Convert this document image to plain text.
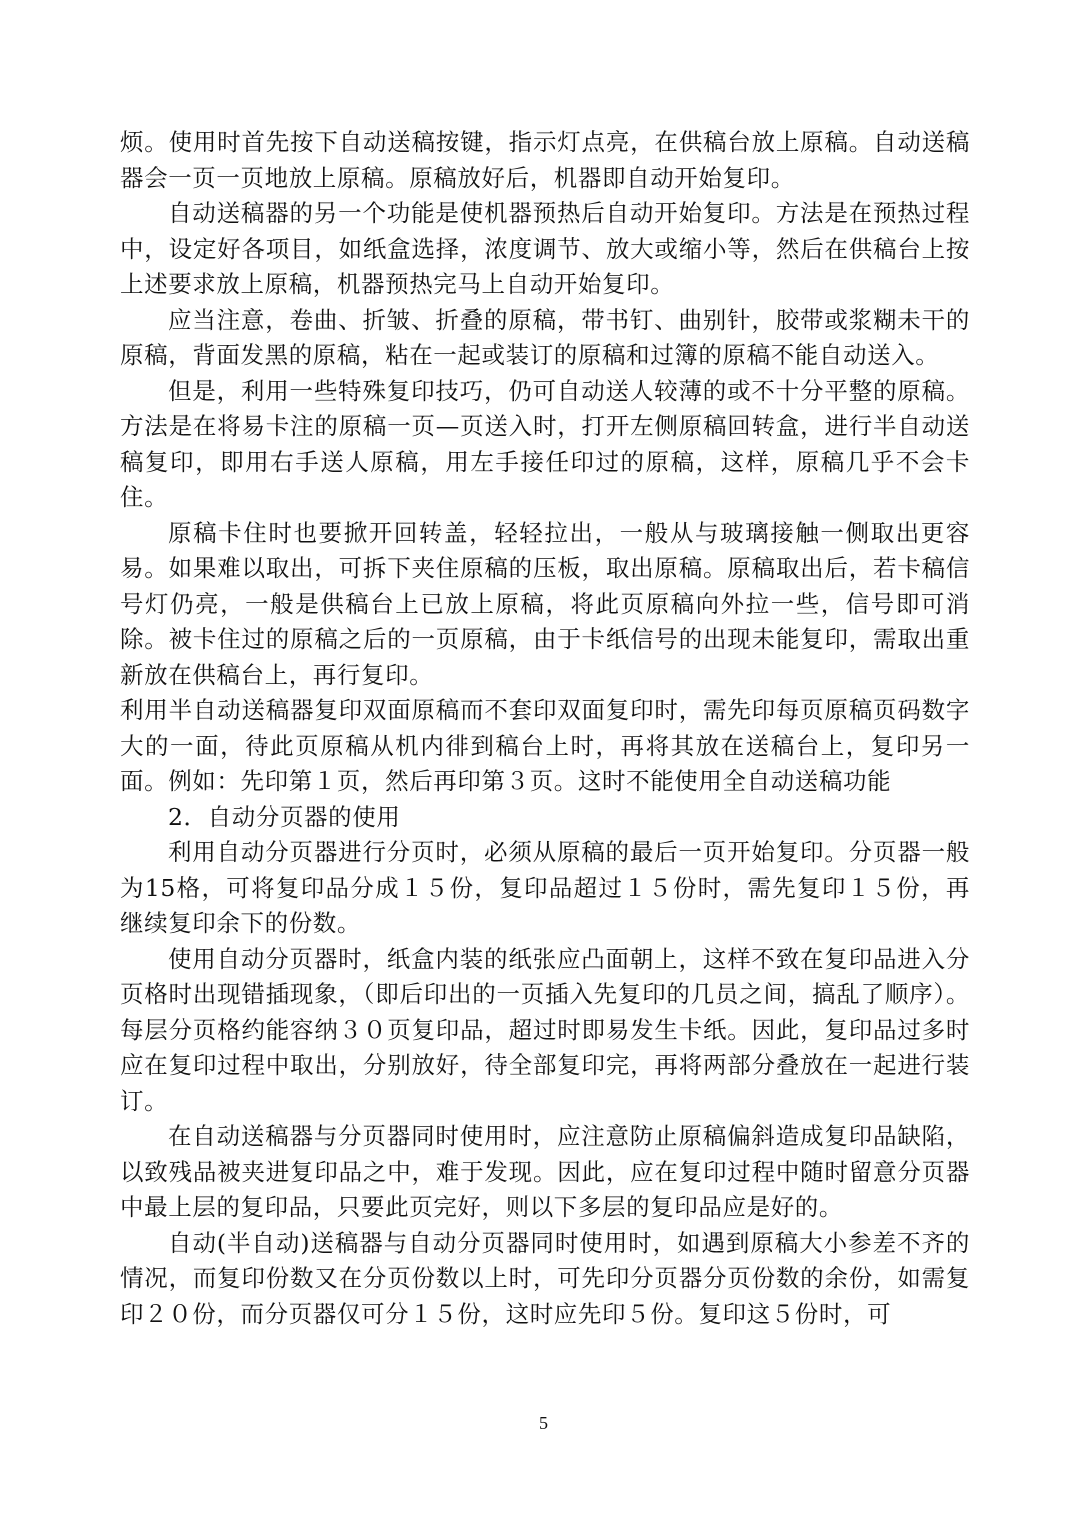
烦。使用时首先按下自动送稿按键，指示灯点亮，在供稿台放上原稿。自动送稿器会一页一页地放上原稿。原稿放好后，机器即自动开始复印。

自动送稿器的另一个功能是使机器预热后自动开始复印。方法是在预热过程中，设定好各项目，如纸盒选择，浓度调节、放大或缩小等，然后在供稿台上按上述要求放上原稿，机器预热完马上自动开始复印。

应当注意，卷曲、折皱、折叠的原稿，带书钉、曲别针，胶带或浆糊未干的原稿，背面发黑的原稿，粘在一起或装订的原稿和过簿的原稿不能自动送入。

但是，利用一些特殊复印技巧，仍可自动送人较薄的或不十分平整的原稿。方法是在将易卡注的原稿一页—页送入时，打开左侧原稿回转盒，进行半自动送稿复印，即用右手送人原稿，用左手接任印过的原稿，这样，原稿几乎不会卡住。

原稿卡住时也要掀开回转盖，轻轻拉出，一般从与玻璃接触一侧取出更容易。如果难以取出，可拆下夹住原稿的压板，取出原稿。原稿取出后，若卡稿信号灯仍亮，一般是供稿台上已放上原稿，将此页原稿向外拉一些，信号即可消除。被卡住过的原稿之后的一页原稿，由于卡纸信号的出现未能复印，需取出重新放在供稿台上，再行复印。

利用半自动送稿器复印双面原稿而不套印双面复印时，需先印每页原稿页码数字大的一面，待此页原稿从机内徘到稿台上时，再将其放在送稿台上，复印另一面。例如：先印第１页，然后再印第３页。这时不能使用全自动送稿功能

2．自动分页器的使用

利用自动分页器进行分页时，必须从原稿的最后一页开始复印。分页器一般为15格，可将复印品分成１５份，复印品超过１５份时，需先复印１５份，再继续复印余下的份数。

使用自动分页器时，纸盒内装的纸张应凸面朝上，这样不致在复印品进入分页格时出现错插现象，（即后印出的一页插入先复印的几员之间，搞乱了顺序）。每层分页格约能容纳３０页复印品，超过时即易发生卡纸。因此，复印品过多时应在复印过程中取出，分别放好，待全部复印完，再将两部分叠放在一起进行装订。

在自动送稿器与分页器同时使用时，应注意防止原稿偏斜造成复印品缺陷，以致残品被夹进复印品之中，难于发现。因此，应在复印过程中随时留意分页器中最上层的复印品，只要此页完好，则以下多层的复印品应是好的。

自动(半自动)送稿器与自动分页器同时使用时，如遇到原稿大小参差不齐的情况，而复印份数又在分页份数以上时，可先印分页器分页份数的余份，如需复印２０份，而分页器仅可分１５份，这时应先印５份。复印这５份时，可

5
